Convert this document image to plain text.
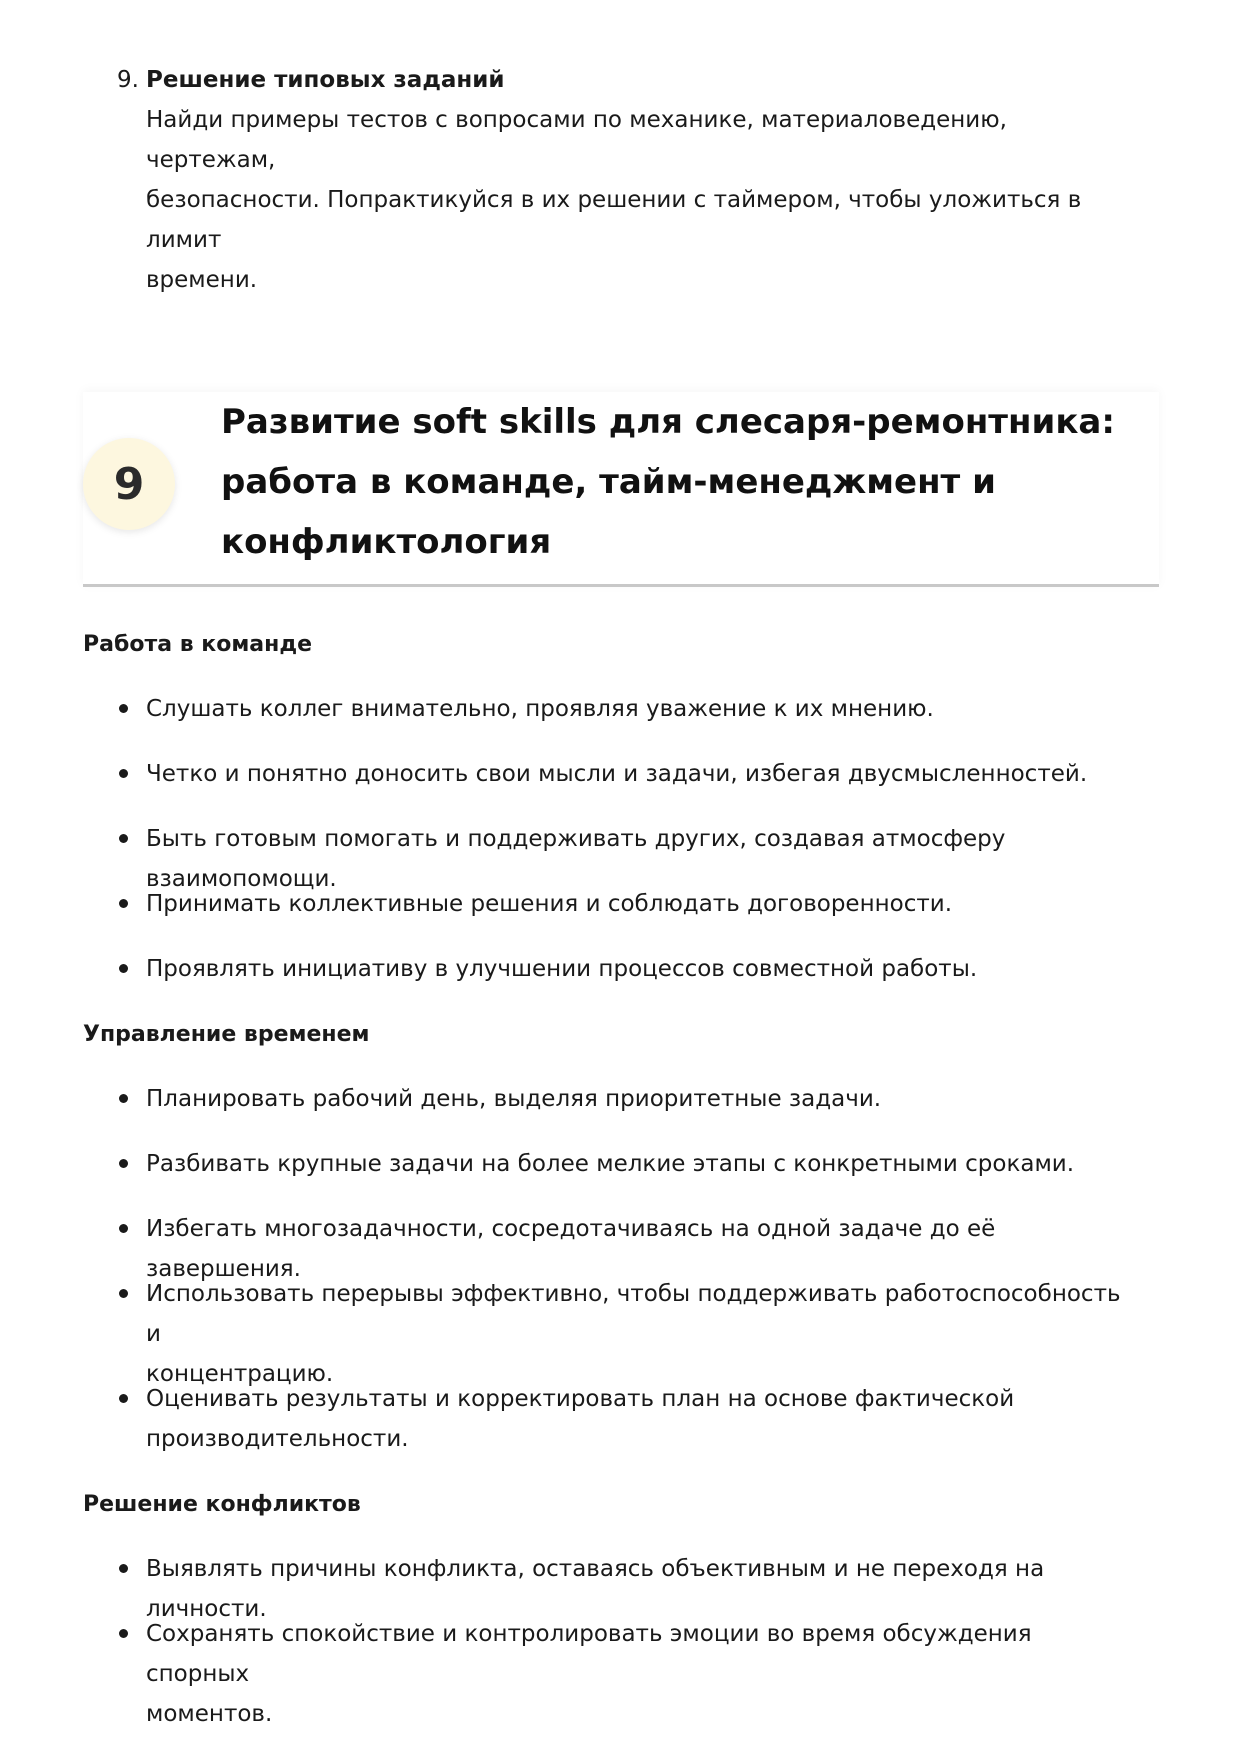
9. Решение типовых заданий

Найди примеры тестов с вопросами по механике, материаловедению, чертежам,

безопасности. Попрактикуйся в их решении с таймером, чтобы уложиться в лимит

времени.

9
Развитие soft skills для слесаря-ремонтника:
работа в команде, тайм-менеджмент и
конфликтология
Работа в команде
Слушать коллег внимательно, проявляя уважение к их мнению.
Четко и понятно доносить свои мысли и задачи, избегая двусмысленностей.
Быть готовым помогать и поддерживать других, создавая атмосферу взаимопомощи.
Принимать коллективные решения и соблюдать договоренности.
Проявлять инициативу в улучшении процессов совместной работы.
Управление временем
Планировать рабочий день, выделяя приоритетные задачи.
Разбивать крупные задачи на более мелкие этапы с конкретными сроками.
Избегать многозадачности, сосредотачиваясь на одной задаче до её завершения.
Использовать перерывы эффективно, чтобы поддерживать работоспособность и
концентрацию.
Оценивать результаты и корректировать план на основе фактической
производительности.
Решение конфликтов
Выявлять причины конфликта, оставаясь объективным и не переходя на личности.
Сохранять спокойствие и контролировать эмоции во время обсуждения спорных
моментов.
